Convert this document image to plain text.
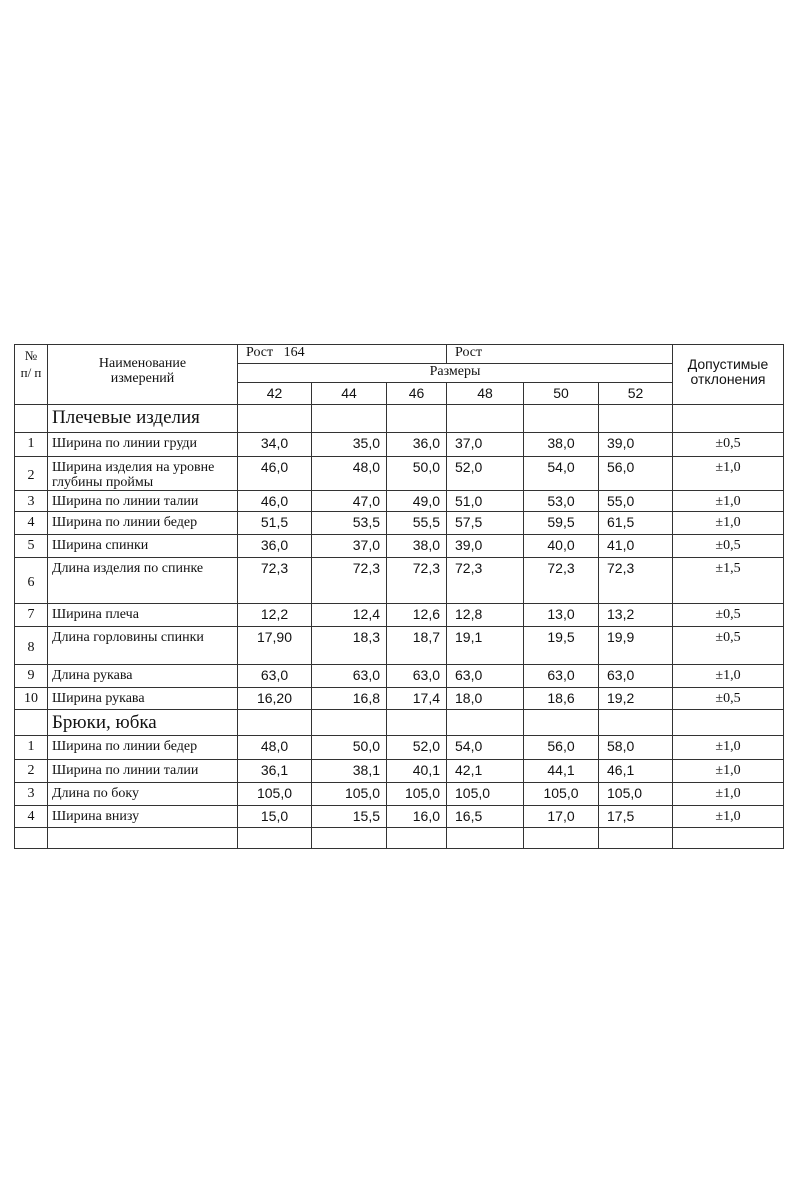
№ п/ п	Наименование измерений	Рост   164			Рост			Допустимые отклонения
		Размеры						
		42	44	46	48	50	52	
	Плечевые изделия							
1	Ширина по линии груди	34,0	35,0	36,0	37,0	38,0	39,0	±0,5
2	Ширина изделия на уровне глубины проймы	46,0	48,0	50,0	52,0	54,0	56,0	±1,0
3	Ширина по линии талии	46,0	47,0	49,0	51,0	53,0	55,0	±1,0
4	Ширина по линии бедер	51,5	53,5	55,5	57,5	59,5	61,5	±1,0
5	Ширина спинки	36,0	37,0	38,0	39,0	40,0	41,0	±0,5
6	Длина изделия по спинке	72,3	72,3	72,3	72,3	72,3	72,3	±1,5
7	Ширина плеча	12,2	12,4	12,6	12,8	13,0	13,2	±0,5
8	Длина горловины спинки	17,90	18,3	18,7	19,1	19,5	19,9	±0,5
9	Длина рукава	63,0	63,0	63,0	63,0	63,0	63,0	±1,0
10	Ширина рукава	16,20	16,8	17,4	18,0	18,6	19,2	±0,5
	Брюки, юбка							
1	Ширина по линии бедер	48,0	50,0	52,0	54,0	56,0	58,0	±1,0
2	Ширина по линии талии	36,1	38,1	40,1	42,1	44,1	46,1	±1,0
3	Длина по боку	105,0	105,0	105,0	105,0	105,0	105,0	±1,0
4	Ширина внизу	15,0	15,5	16,0	16,5	17,0	17,5	±1,0
